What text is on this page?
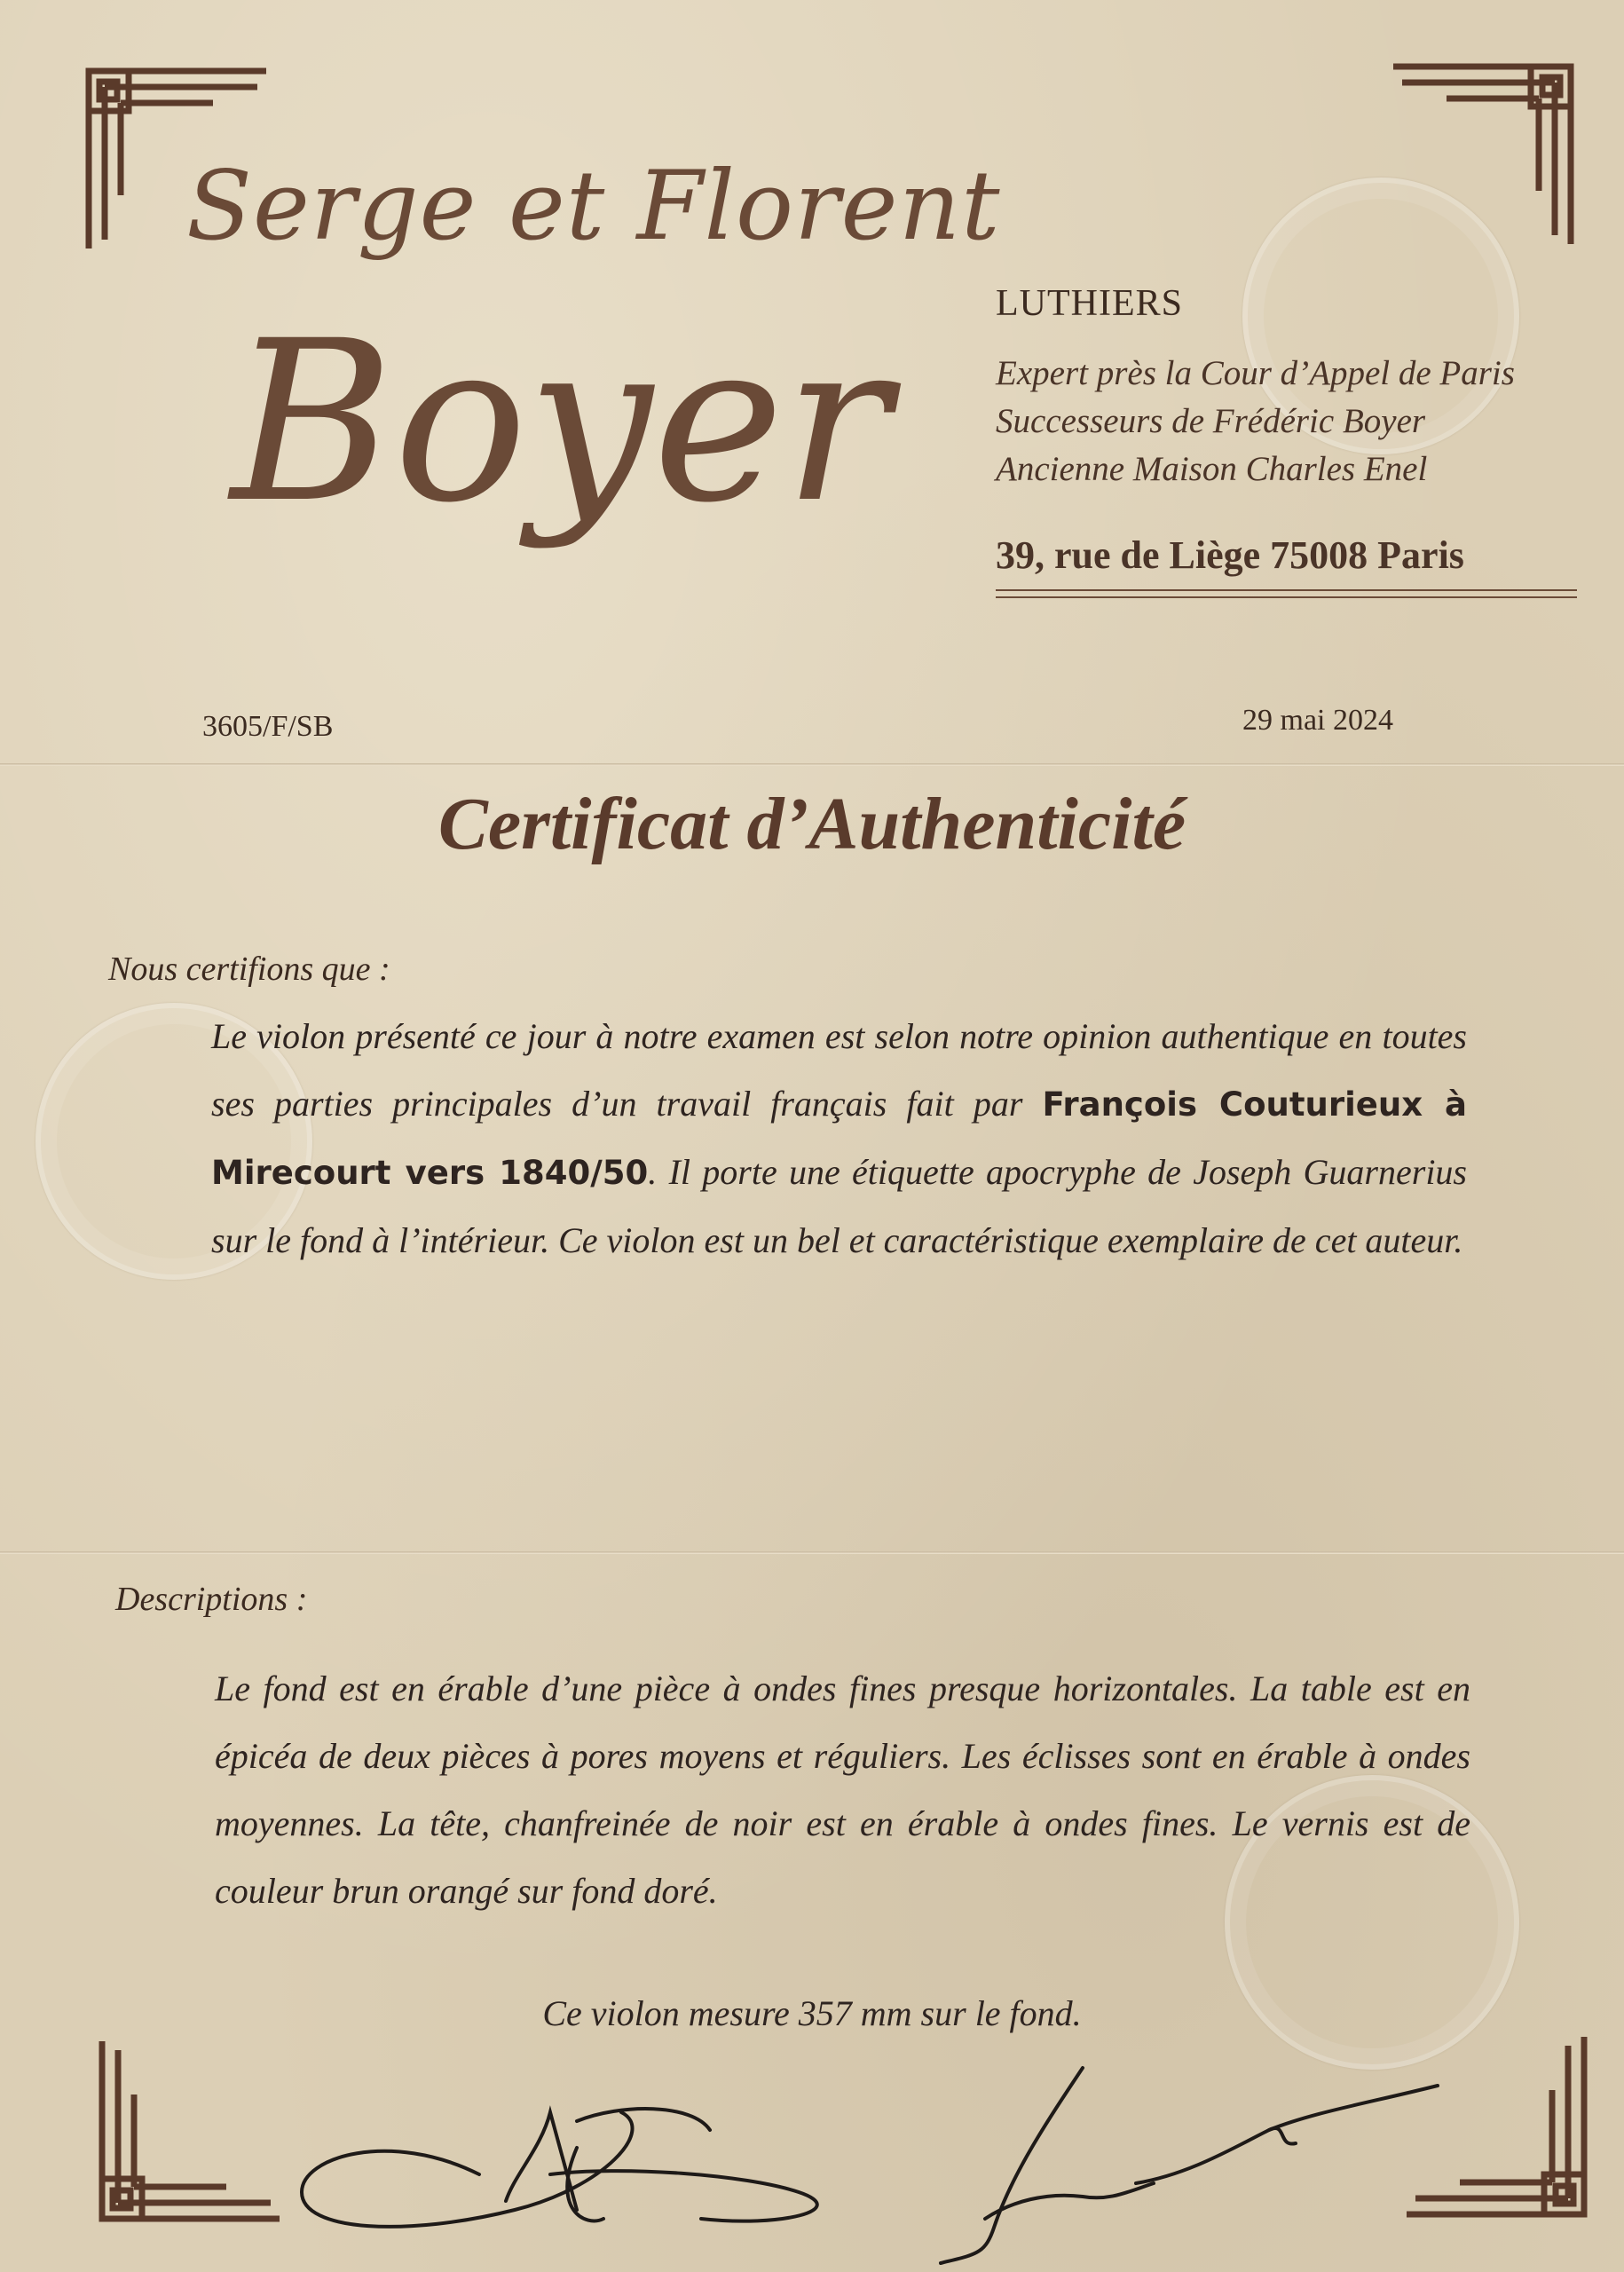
Serge et Florent
Boyer	LUTHIERS
Expert près la Cour d’Appel de Paris
Successeurs de Frédéric Boyer
Ancienne Maison Charles Enel
39, rue de Liège 75008 Paris
3605/F/SB	29 mai 2024
Certificat d’Authenticité
Nous certifions que :
Le violon présenté ce jour à notre examen est selon notre opinion authentique en toutes ses parties principales d’un travail français fait par François Couturieux à Mirecourt vers 1840/50. Il porte une étiquette apocryphe de Joseph Guarnerius sur le fond à l’intérieur. Ce violon est un bel et caractéristique exemplaire de cet auteur.
Descriptions :
Le fond est en érable d’une pièce à ondes fines presque horizontales. La table est en épicéa de deux pièces à pores moyens et réguliers. Les éclisses sont en érable à ondes moyennes. La tête, chanfreinée de noir est en érable à ondes fines. Le vernis est de couleur brun orangé sur fond doré.
Ce violon mesure 357 mm sur le fond.
